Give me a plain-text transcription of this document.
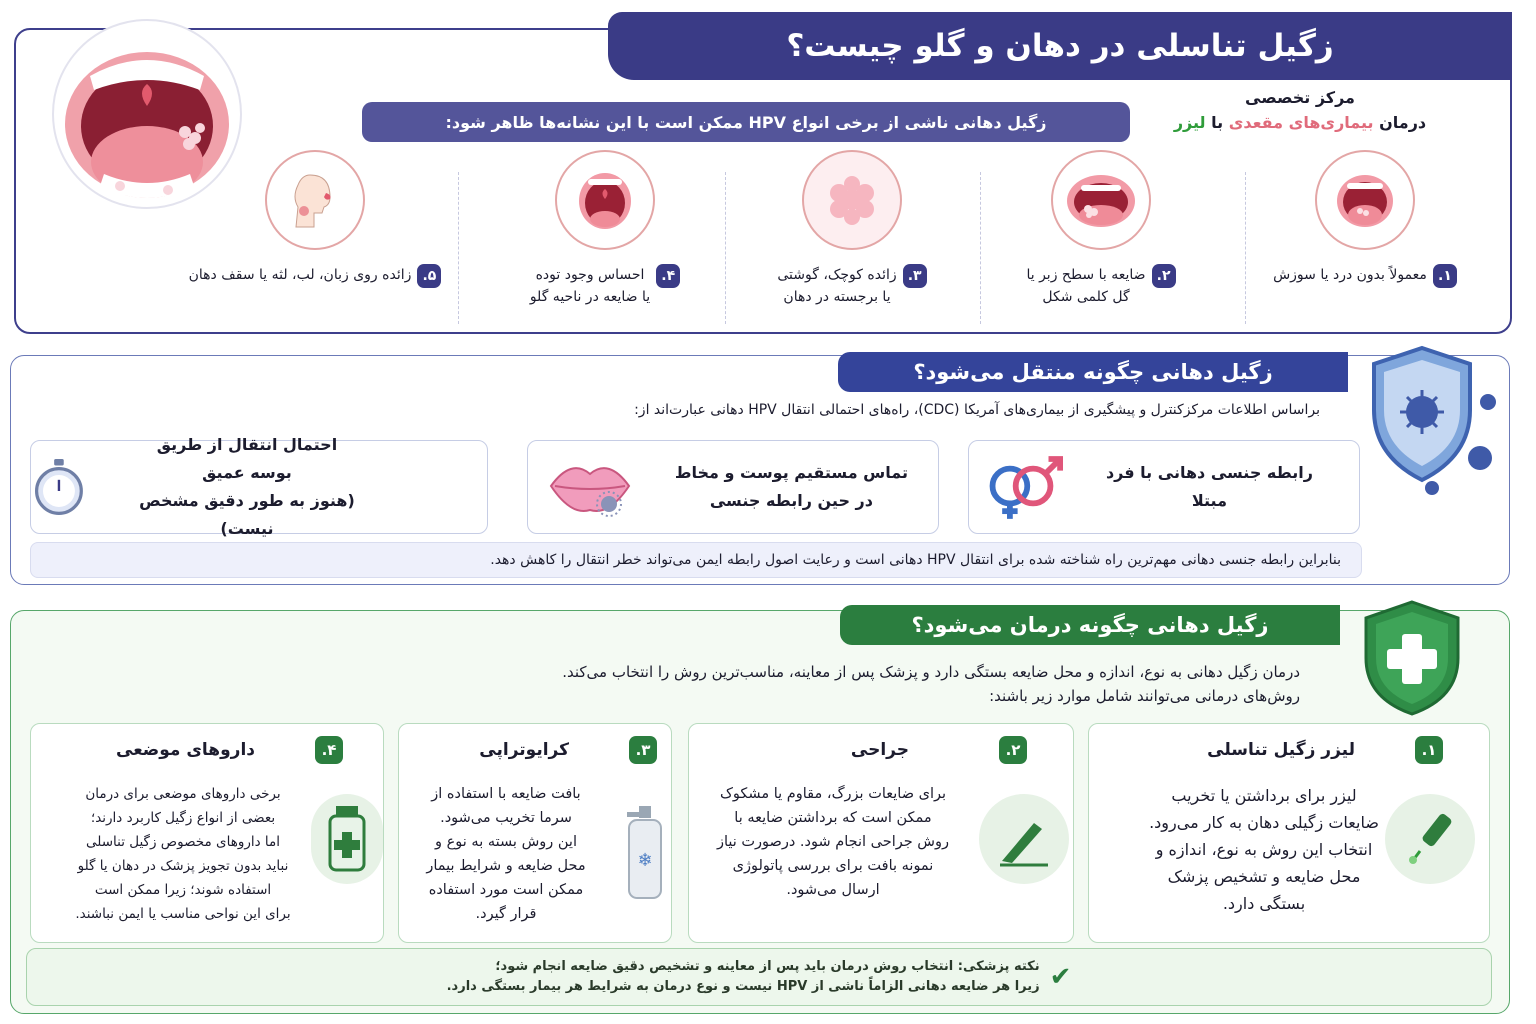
زگیل تناسلی در دهان و گلو چیست؟
زگیل دهانی ناشی از برخی انواع HPV ممکن است با این نشانه‌ها ظاهر شود:
مرکز تخصصی
درمان بیماری‌های مقعدی با لیزر
۱.
معمولاً بدون درد یا سوزش
۲.
ضایعه با سطح زبر یا
گل کلمی شکل
۳.
زائده کوچک، گوشتی
یا برجسته در دهان
۴.
احساس وجود توده
یا ضایعه در ناحیه گلو
۵.
زائده روی زبان، لب، لثه یا سقف دهان
زگیل دهانی چگونه منتقل می‌شود؟
براساس اطلاعات مرکزکنترل و پیشگیری از بیماری‌های آمریکا (CDC)، راه‌های احتمالی انتقال HPV دهانی عبارت‌اند از:
رابطه جنسی دهانی با فرد مبتلا
تماس مستقیم پوست و مخاط
در حین رابطه جنسی
احتمال انتقال از طریق بوسه عمیق
(هنوز به طور دقیق مشخص نیست)
بنابراین رابطه جنسی دهانی مهم‌ترین راه شناخته شده برای انتقال HPV دهانی است و رعایت اصول رابطه ایمن می‌تواند خطر انتقال را کاهش دهد.
زگیل دهانی چگونه درمان می‌شود؟
درمان زگیل دهانی به نوع، اندازه و محل ضایعه بستگی دارد و پزشک پس از معاینه، مناسب‌ترین روش را انتخاب می‌کند.
روش‌های درمانی می‌توانند شامل موارد زیر باشند:
۱.
لیزر زگیل تناسلی
لیزر برای برداشتن یا تخریب
ضایعات زگیلی دهان به کار می‌رود.
انتخاب این روش به نوع، اندازه و
محل ضایعه و تشخیص پزشک
بستگی دارد.
۲.
جراحی
برای ضایعات بزرگ، مقاوم یا مشکوک
ممکن است که برداشتن ضایعه با
روش جراحی انجام شود. درصورت نیاز
نمونه بافت برای بررسی پاتولوژی
ارسال می‌شود.
۳.
کرایوتراپی
بافت ضایعه با استفاده از
سرما تخریب می‌شود.
این روش بسته به نوع و
محل ضایعه و شرایط بیمار
ممکن است مورد استفاده
قرار گیرد.
❄
۴.
داروهای موضعی
برخی داروهای موضعی برای درمان
بعضی از انواع زگیل کاربرد دارند؛
اما داروهای مخصوص زگیل تناسلی
نباید بدون تجویز پزشک در دهان یا گلو
استفاده شوند؛ زیرا ممکن است
برای این نواحی مناسب یا ایمن نباشند.
✔
نکته پزشکی: انتخاب روش درمان باید پس از معاینه و تشخیص دقیق ضایعه انجام شود؛
زیرا هر ضایعه دهانی الزاماً ناشی از HPV نیست و نوع درمان به شرایط هر بیمار بستگی دارد.
